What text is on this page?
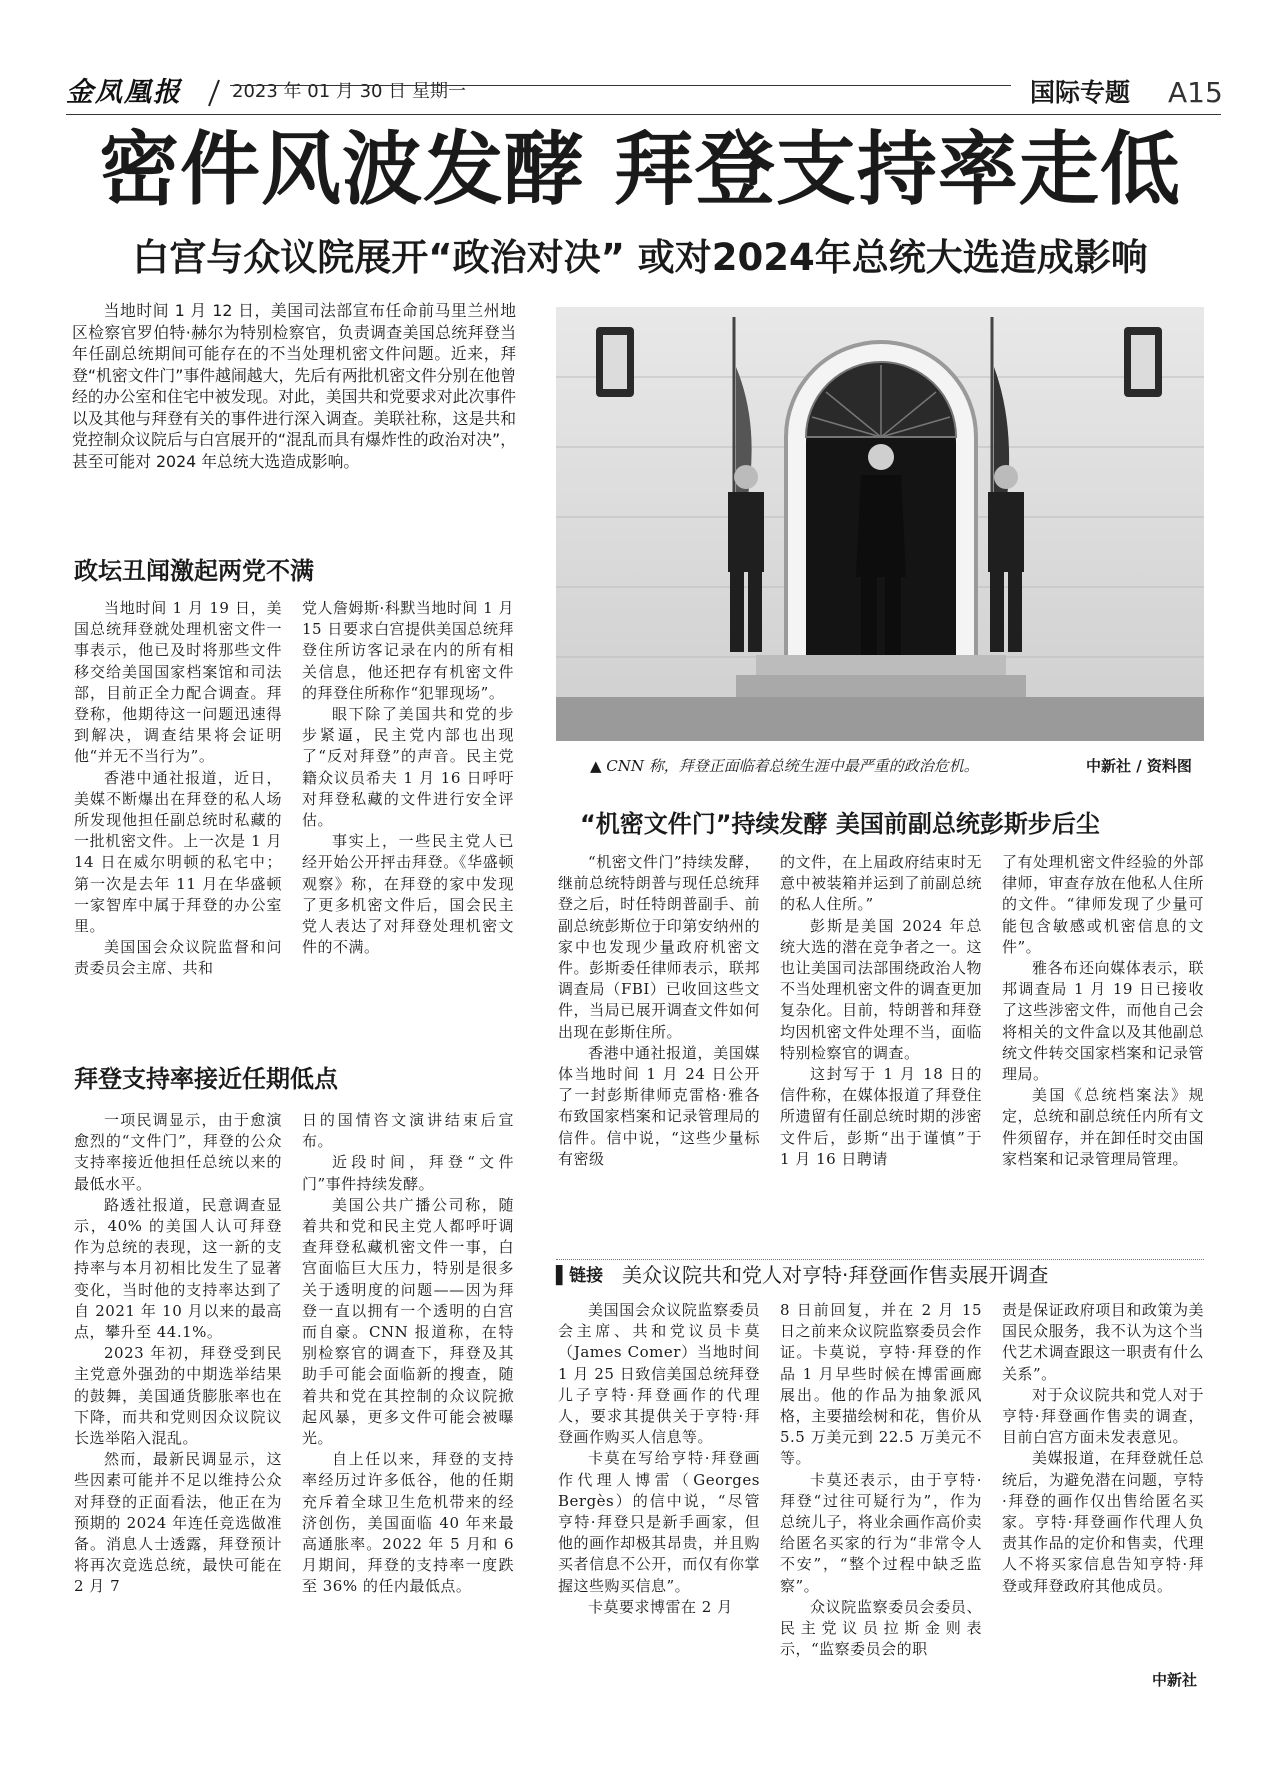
金凤凰报	2023 年 01 月 30 日 星期一	国际专题 A15
密件风波发酵 拜登支持率走低
白宫与众议院展开“政治对决” 或对2024年总统大选造成影响

当地时间 1 月 12 日，美国司法部宣布任命前马里兰州地区检察官罗伯特·赫尔为特别检察官，负责调查美国总统拜登当年任副总统期间可能存在的不当处理机密文件问题。近来，拜登“机密文件门”事件越闹越大，先后有两批机密文件分别在他曾经的办公室和住宅中被发现。对此，美国共和党要求对此次事件以及其他与拜登有关的事件进行深入调查。美联社称，这是共和党控制众议院后与白宫展开的“混乱而具有爆炸性的政治对决”，甚至可能对 2024 年总统大选造成影响。

政坛丑闻激起两党不满

当地时间 1 月 19 日，美国总统拜登就处理机密文件一事表示，他已及时将那些文件移交给美国国家档案馆和司法部，目前正全力配合调查。拜登称，他期待这一问题迅速得到解决，调查结果将会证明他“并无不当行为”。

香港中通社报道，近日，美媒不断爆出在拜登的私人场所发现他担任副总统时私藏的一批机密文件。上一次是 1 月 14 日在威尔明顿的私宅中；第一次是去年 11 月在华盛顿一家智库中属于拜登的办公室里。

美国国会众议院监督和问责委员会主席、共和

党人詹姆斯·科默当地时间 1 月 15 日要求白宫提供美国总统拜登住所访客记录在内的所有相关信息，他还把存有机密文件的拜登住所称作“犯罪现场”。

眼下除了美国共和党的步步紧逼，民主党内部也出现了“反对拜登”的声音。民主党籍众议员希夫 1 月 16 日呼吁对拜登私藏的文件进行安全评估。

事实上，一些民主党人已经开始公开抨击拜登。《华盛顿观察》称，在拜登的家中发现了更多机密文件后，国会民主党人表达了对拜登处理机密文件的不满。

拜登支持率接近任期低点

一项民调显示，由于愈演愈烈的“文件门”，拜登的公众支持率接近他担任总统以来的最低水平。

路透社报道，民意调查显示，40% 的美国人认可拜登作为总统的表现，这一新的支持率与本月初相比发生了显著变化，当时他的支持率达到了自 2021 年 10 月以来的最高点，攀升至 44.1%。

2023 年初，拜登受到民主党意外强劲的中期选举结果的鼓舞，美国通货膨胀率也在下降，而共和党则因众议院议长选举陷入混乱。

然而，最新民调显示，这些因素可能并不足以维持公众对拜登的正面看法，他正在为预期的 2024 年连任竞选做准备。消息人士透露，拜登预计将再次竞选总统，最快可能在 2 月 7

日的国情咨文演讲结束后宣布。

近段时间，拜登“文件门”事件持续发酵。

美国公共广播公司称，随着共和党和民主党人都呼吁调查拜登私藏机密文件一事，白宫面临巨大压力，特别是很多关于透明度的问题——因为拜登一直以拥有一个透明的白宫而自豪。CNN 报道称，在特别检察官的调查下，拜登及其助手可能会面临新的搜查，随着共和党在其控制的众议院掀起风暴，更多文件可能会被曝光。

自上任以来，拜登的支持率经历过许多低谷，他的任期充斥着全球卫生危机带来的经济创伤，美国面临 40 年来最高通胀率。2022 年 5 月和 6 月期间，拜登的支持率一度跌至 36% 的任内最低点。

▲ CNN 称，拜登正面临着总统生涯中最严重的政治危机。	中新社 / 资料图
“机密文件门”持续发酵 美国前副总统彭斯步后尘

“机密文件门”持续发酵，继前总统特朗普与现任总统拜登之后，时任特朗普副手、前副总统彭斯位于印第安纳州的家中也发现少量政府机密文件。彭斯委任律师表示，联邦调查局（FBI）已收回这些文件，当局已展开调查文件如何出现在彭斯住所。

香港中通社报道，美国媒体当地时间 1 月 24 日公开了一封彭斯律师克雷格·雅各布致国家档案和记录管理局的信件。信中说，“这些少量标有密级

的文件，在上届政府结束时无意中被装箱并运到了前副总统的私人住所。”

彭斯是美国 2024 年总统大选的潜在竞争者之一。这也让美国司法部围绕政治人物不当处理机密文件的调查更加复杂化。目前，特朗普和拜登均因机密文件处理不当，面临特别检察官的调查。

这封写于 1 月 18 日的信件称，在媒体报道了拜登住所遗留有任副总统时期的涉密文件后，彭斯“出于谨慎”于 1 月 16 日聘请

了有处理机密文件经验的外部律师，审查存放在他私人住所的文件。“律师发现了少量可能包含敏感或机密信息的文件”。

雅各布还向媒体表示，联邦调查局 1 月 19 日已接收了这些涉密文件，而他自己会将相关的文件盒以及其他副总统文件转交国家档案和记录管理局。

美国《总统档案法》规定，总统和副总统任内所有文件须留存，并在卸任时交由国家档案和记录管理局管理。

▌链接 美众议院共和党人对亨特·拜登画作售卖展开调查

美国国会众议院监察委员会主席、共和党议员卡莫（James Comer）当地时间 1 月 25 日致信美国总统拜登儿子亨特·拜登画作的代理人，要求其提供关于亨特·拜登画作购买人信息等。

卡莫在写给亨特·拜登画作代理人博雷（Georges Bergès）的信中说，“尽管亨特·拜登只是新手画家，但他的画作却极其昂贵，并且购买者信息不公开，而仅有你掌握这些购买信息”。

卡莫要求博雷在 2 月

8 日前回复，并在 2 月 15 日之前来众议院监察委员会作证。卡莫说，亨特·拜登的作品 1 月早些时候在博雷画廊展出。他的作品为抽象派风格，主要描绘树和花，售价从 5.5 万美元到 22.5 万美元不等。

卡莫还表示，由于亨特·拜登“过往可疑行为”，作为总统儿子，将业余画作高价卖给匿名买家的行为“非常令人不安”，“整个过程中缺乏监察”。

众议院监察委员会委员、民主党议员拉斯金则表示，“监察委员会的职

责是保证政府项目和政策为美国民众服务，我不认为这个当代艺术调查跟这一职责有什么关系”。

对于众议院共和党人对于亨特·拜登画作售卖的调查，目前白宫方面未发表意见。

美媒报道，在拜登就任总统后，为避免潜在问题，亨特·拜登的画作仅出售给匿名买家。亨特·拜登画作代理人负责其作品的定价和售卖，代理人不将买家信息告知亨特·拜登或拜登政府其他成员。

中新社
